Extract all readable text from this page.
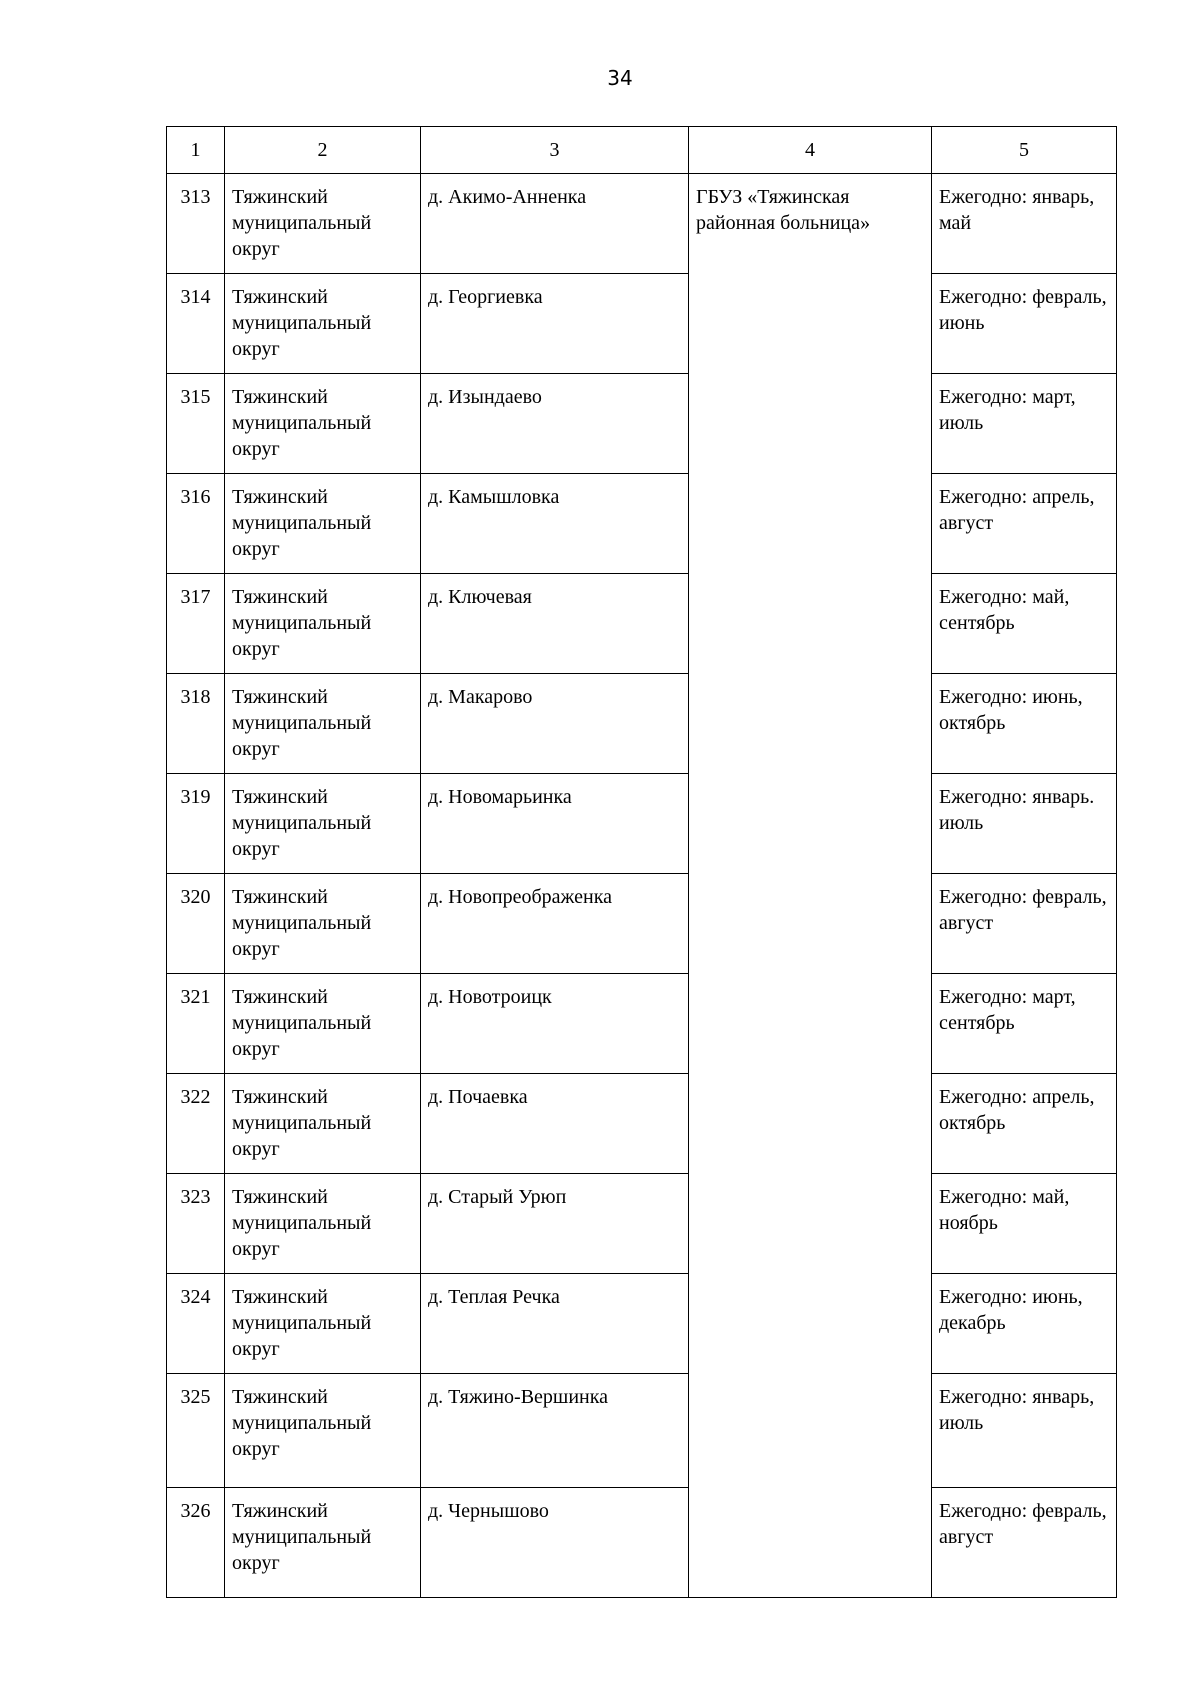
34
1	2	3	4	5
313	Тяжинский муниципальный округ	д. Акимо-Анненка	ГБУЗ «Тяжинская районная больница»	Ежегодно: январь, май
314	Тяжинский муниципальный округ	д. Георгиевка		Ежегодно: февраль, июнь
315	Тяжинский муниципальный округ	д. Изындаево		Ежегодно: март, июль
316	Тяжинский муниципальный округ	д. Камышловка		Ежегодно: апрель, август
317	Тяжинский муниципальный округ	д. Ключевая		Ежегодно: май, сентябрь
318	Тяжинский муниципальный округ	д. Макарово		Ежегодно: июнь, октябрь
319	Тяжинский муниципальный округ	д. Новомарьинка		Ежегодно: январь. июль
320	Тяжинский муниципальный округ	д. Новопреображенка		Ежегодно: февраль, август
321	Тяжинский муниципальный округ	д. Новотроицк		Ежегодно: март, сентябрь
322	Тяжинский муниципальный округ	д. Почаевка		Ежегодно: апрель, октябрь
323	Тяжинский муниципальный округ	д. Старый Урюп		Ежегодно: май, ноябрь
324	Тяжинский муниципальный округ	д. Теплая Речка		Ежегодно: июнь, декабрь
325	Тяжинский муниципальный округ	д. Тяжино-Вершинка		Ежегодно: январь, июль
326	Тяжинский муниципальный округ	д. Чернышово		Ежегодно: февраль, август
